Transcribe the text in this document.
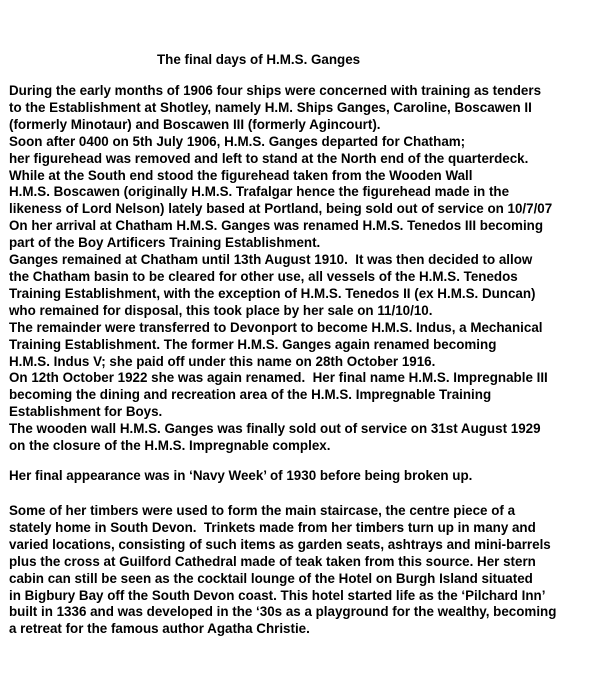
The final days of H.M.S. Ganges
During the early months of 1906 four ships were concerned with training as tenders
to the Establishment at Shotley, namely H.M. Ships Ganges, Caroline, Boscawen II
(formerly Minotaur) and Boscawen III (formerly Agincourt).
Soon after 0400 on 5th July 1906, H.M.S. Ganges departed for Chatham;
her figurehead was removed and left to stand at the North end of the quarterdeck.
While at the South end stood the figurehead taken from the Wooden Wall
H.M.S. Boscawen (originally H.M.S. Trafalgar hence the figurehead made in the
likeness of Lord Nelson) lately based at Portland, being sold out of service on 10/7/07
On her arrival at Chatham H.M.S. Ganges was renamed H.M.S. Tenedos III becoming
part of the Boy Artificers Training Establishment.
Ganges remained at Chatham until 13th August 1910.  It was then decided to allow
the Chatham basin to be cleared for other use, all vessels of the H.M.S. Tenedos
Training Establishment, with the exception of H.M.S. Tenedos II (ex H.M.S. Duncan)
who remained for disposal, this took place by her sale on 11/10/10.
The remainder were transferred to Devonport to become H.M.S. Indus, a Mechanical
Training Establishment. The former H.M.S. Ganges again renamed becoming
H.M.S. Indus V; she paid off under this name on 28th October 1916.
On 12th October 1922 she was again renamed.  Her final name H.M.S. Impregnable III
becoming the dining and recreation area of the H.M.S. Impregnable Training
Establishment for Boys.
The wooden wall H.M.S. Ganges was finally sold out of service on 31st August 1929
on the closure of the H.M.S. Impregnable complex.
Her final appearance was in ‘Navy Week’ of 1930 before being broken up.
Some of her timbers were used to form the main staircase, the centre piece of a
stately home in South Devon.  Trinkets made from her timbers turn up in many and
varied locations, consisting of such items as garden seats, ashtrays and mini-barrels
plus the cross at Guilford Cathedral made of teak taken from this source. Her stern
cabin can still be seen as the cocktail lounge of the Hotel on Burgh Island situated
in Bigbury Bay off the South Devon coast. This hotel started life as the ‘Pilchard Inn’
built in 1336 and was developed in the ‘30s as a playground for the wealthy, becoming
a retreat for the famous author Agatha Christie.
